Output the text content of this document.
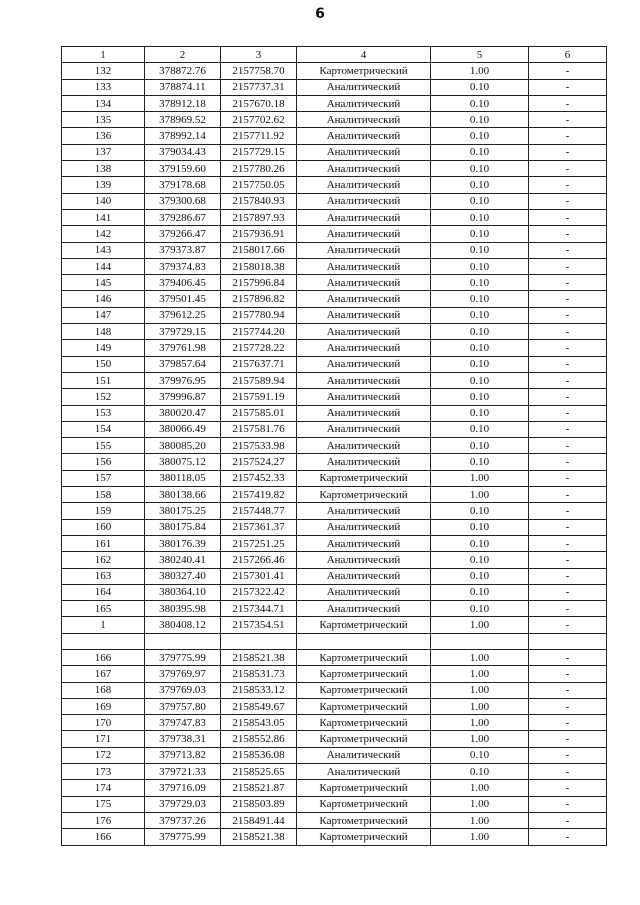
6
1	2	3	4	5	6
132	378872.76	2157758.70	Картометрический	1.00	-
133	378874.11	2157737.31	Аналитический	0.10	-
134	378912.18	2157670.18	Аналитический	0.10	-
135	378969.52	2157702.62	Аналитический	0.10	-
136	378992.14	2157711.92	Аналитический	0.10	-
137	379034.43	2157729.15	Аналитический	0.10	-
138	379159.60	2157780.26	Аналитический	0.10	-
139	379178.68	2157750.05	Аналитический	0.10	-
140	379300.68	2157840.93	Аналитический	0.10	-
141	379286.67	2157897.93	Аналитический	0.10	-
142	379266.47	2157936.91	Аналитический	0.10	-
143	379373.87	2158017.66	Аналитический	0.10	-
144	379374.83	2158018.38	Аналитический	0.10	-
145	379406.45	2157996.84	Аналитический	0.10	-
146	379501.45	2157896.82	Аналитический	0.10	-
147	379612.25	2157780.94	Аналитический	0.10	-
148	379729.15	2157744.20	Аналитический	0.10	-
149	379761.98	2157728.22	Аналитический	0.10	-
150	379857.64	2157637.71	Аналитический	0.10	-
151	379976.95	2157589.94	Аналитический	0.10	-
152	379996.87	2157591.19	Аналитический	0.10	-
153	380020.47	2157585.01	Аналитический	0.10	-
154	380066.49	2157581.76	Аналитический	0.10	-
155	380085.20	2157533.98	Аналитический	0.10	-
156	380075.12	2157524.27	Аналитический	0.10	-
157	380118.05	2157452.33	Картометрический	1.00	-
158	380138.66	2157419.82	Картометрический	1.00	-
159	380175.25	2157448.77	Аналитический	0.10	-
160	380175.84	2157361.37	Аналитический	0.10	-
161	380176.39	2157251.25	Аналитический	0.10	-
162	380240.41	2157266.46	Аналитический	0.10	-
163	380327.40	2157301.41	Аналитический	0.10	-
164	380364.10	2157322.42	Аналитический	0.10	-
165	380395.98	2157344.71	Аналитический	0.10	-
1	380408.12	2157354.51	Картометрический	1.00	-

166	379775.99	2158521.38	Картометрический	1.00	-
167	379769.97	2158531.73	Картометрический	1.00	-
168	379769.03	2158533.12	Картометрический	1.00	-
169	379757.80	2158549.67	Картометрический	1.00	-
170	379747.83	2158543.05	Картометрический	1.00	-
171	379738.31	2158552.86	Картометрический	1.00	-
172	379713.82	2158536.08	Аналитический	0.10	-
173	379721.33	2158525.65	Аналитический	0.10	-
174	379716.09	2158521.87	Картометрический	1.00	-
175	379729.03	2158503.89	Картометрический	1.00	-
176	379737.26	2158491.44	Картометрический	1.00	-
166	379775.99	2158521.38	Картометрический	1.00	-
